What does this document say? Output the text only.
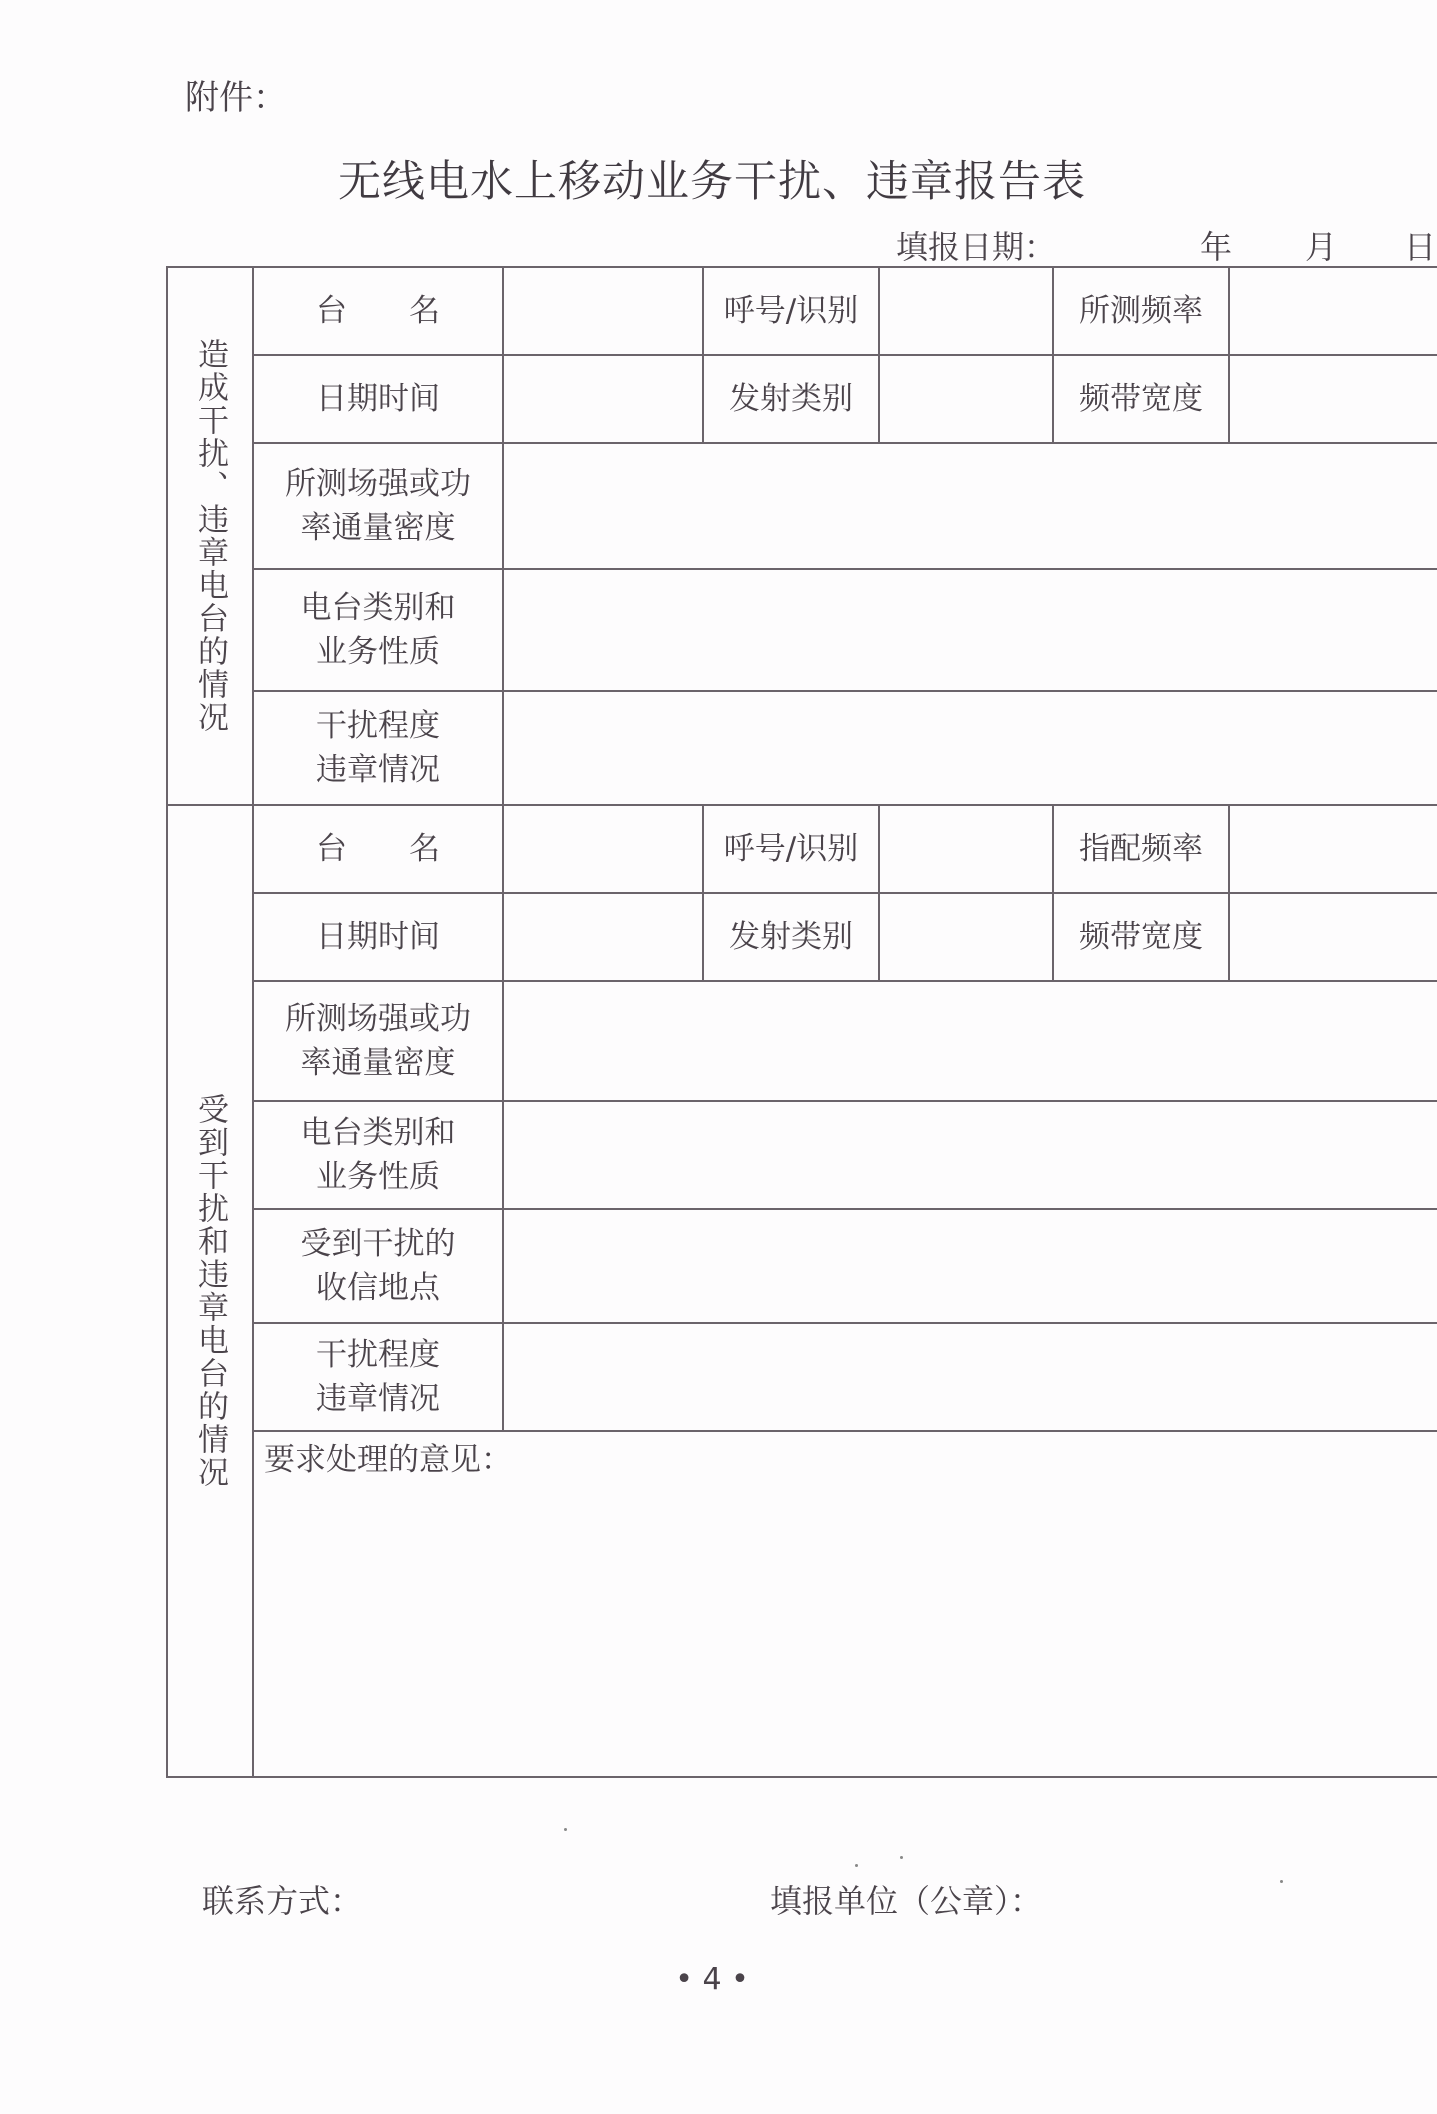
附件：
无线电水上移动业务干扰、违章报告表
填报日期：	年 月 日
造成干扰、违章电台的情况	台　　名		呼号/识别		所测频率	
	日期时间		发射类别		频带宽度	
	所测场强或功
率通量密度					
	电台类别和
业务性质					
	干扰程度
违章情况					
受到干扰和违章电台的情况	台　　名		呼号/识别		指配频率	
	日期时间		发射类别		频带宽度	
	所测场强或功
率通量密度					
	电台类别和
业务性质					
	受到干扰的
收信地点					
	干扰程度
违章情况					
	要求处理的意见：					

联系方式：	填报单位（公章）：
• 4 •
